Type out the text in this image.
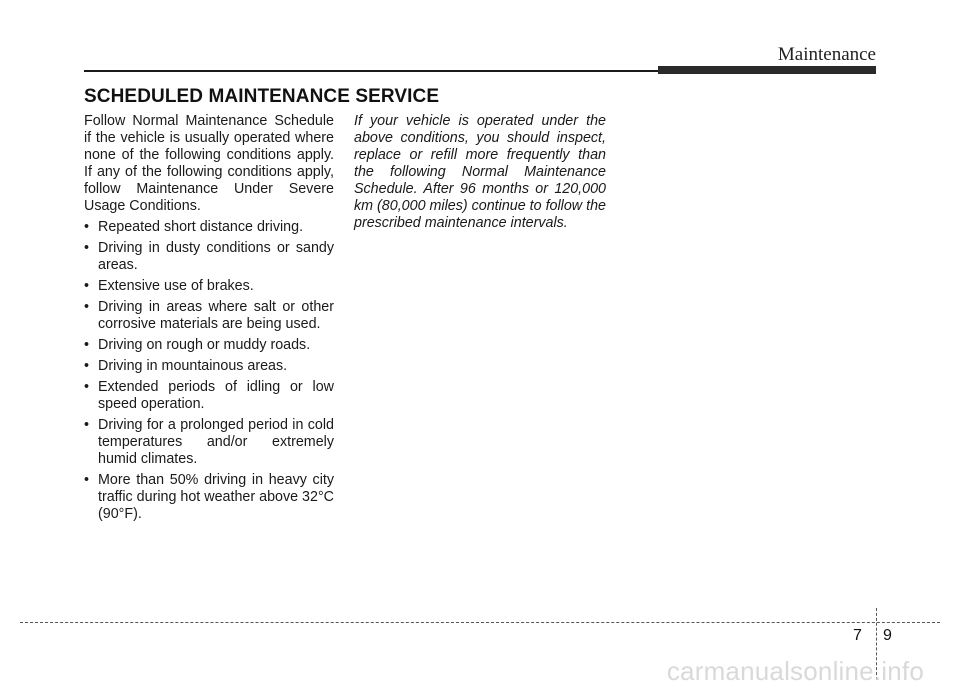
Maintenance
SCHEDULED MAINTENANCE SERVICE

Follow Normal Maintenance Schedule if the vehicle is usually operated where none of the following conditions apply. If any of the following conditions apply, follow Maintenance Under Severe Usage Conditions.

• Repeated short distance driving.
• Driving in dusty conditions or sandy areas.
• Extensive use of brakes.
• Driving in areas where salt or other corrosive materials are being used.
• Driving on rough or muddy roads.
• Driving in mountainous areas.
• Extended periods of idling or low speed operation.
• Driving for a prolonged period in cold temperatures and/or extremely humid climates.
• More than 50% driving in heavy city traffic during hot weather above 32°C (90°F).

If your vehicle is operated under the above conditions, you should inspect, replace or refill more frequently than the following Normal Maintenance Schedule. After 96 months or 120,000 km (80,000 miles) continue to follow the prescribed maintenance intervals.

7 9
carmanualsonline.info
